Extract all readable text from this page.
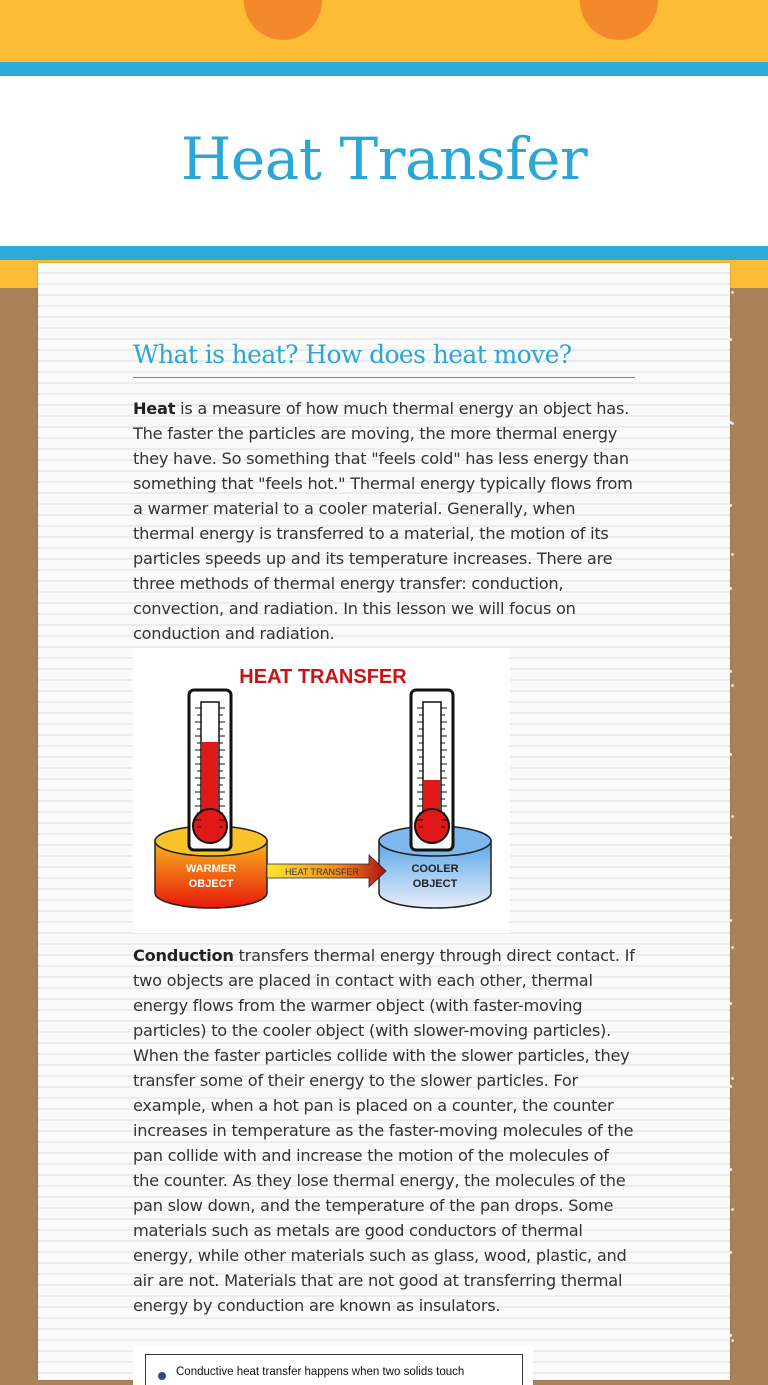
Heat Transfer
What is heat? How does heat move?

Heat is a measure of how much thermal energy an object has. The faster the particles are moving, the more thermal energy they have. So something that "feels cold" has less energy than something that "feels hot." Thermal energy typically flows from a warmer material to a cooler material. Generally, when thermal energy is transferred to a material, the motion of its particles speeds up and its temperature increases. There are three methods of thermal energy transfer: conduction, convection, and radiation. In this lesson we will focus on conduction and radiation.

HEAT TRANSFER
WARMER
OBJECT
COOLER
OBJECT
HEAT TRANSFER

Conduction transfers thermal energy through direct contact. If two objects are placed in contact with each other, thermal energy flows from the warmer object (with faster-moving particles) to the cooler object (with slower-moving particles). When the faster particles collide with the slower particles, they transfer some of their energy to the slower particles. For example, when a hot pan is placed on a counter, the counter increases in temperature as the faster-moving molecules of the pan collide with and increase the motion of the molecules of the counter. As they lose thermal energy, the molecules of the pan slow down, and the temperature of the pan drops. Some materials such as metals are good conductors of thermal energy, while other materials such as glass, wood, plastic, and air are not. Materials that are not good at transferring thermal energy by conduction are known as insulators.

Conductive heat transfer happens when two solids touch
